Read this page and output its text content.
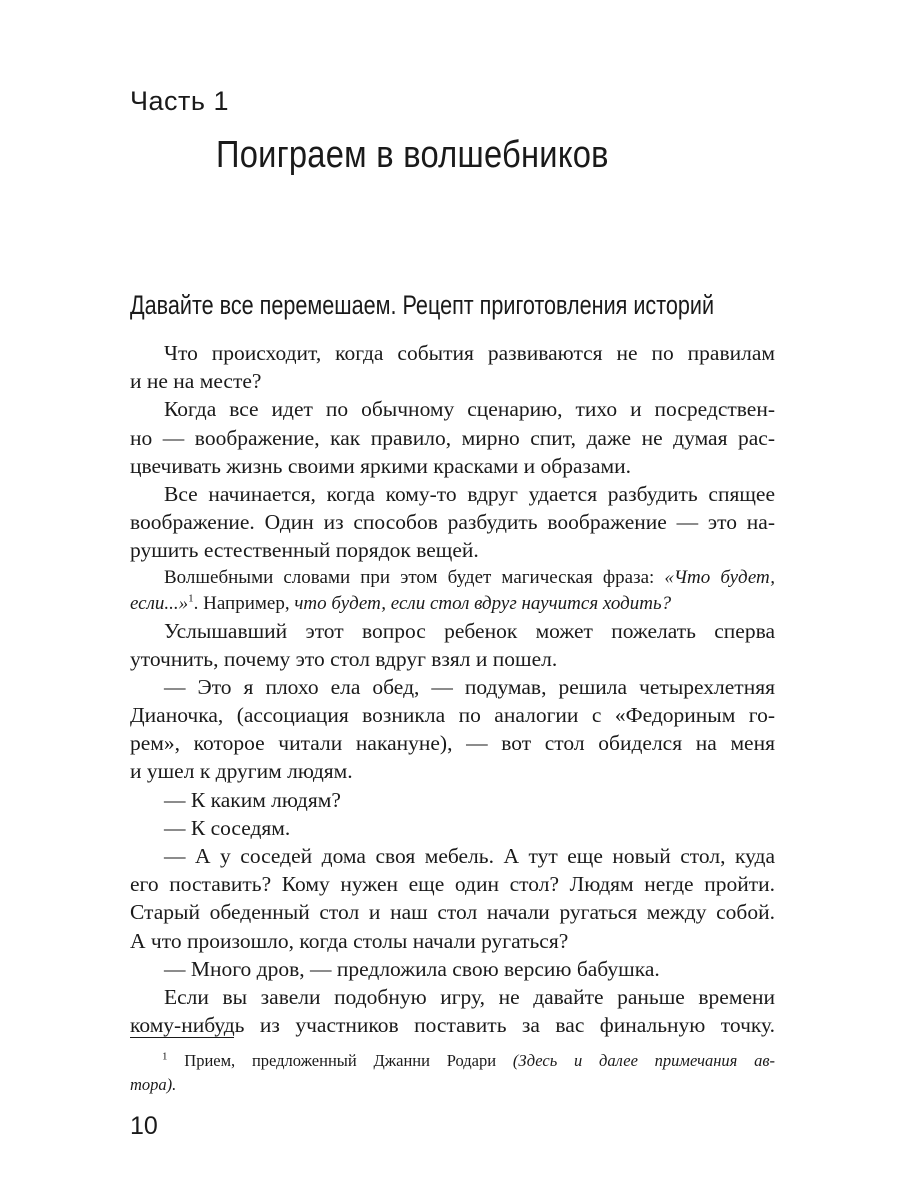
Часть 1
Поиграем в волшебников
Давайте все перемешаем. Рецепт приготовления историй
Что происходит, когда события развиваются не по правилам
и не на месте?
Когда все идет по обычному сценарию, тихо и посредствен-
но — воображение, как правило, мирно спит, даже не думая рас-
цвечивать жизнь своими яркими красками и образами.
Все начинается, когда кому-то вдруг удается разбудить спящее
воображение. Один из способов разбудить воображение — это на-
рушить естественный порядок вещей.
Волшебными словами при этом будет магическая фраза: «Что будет,
если...»$^1$. Например, что будет, если стол вдруг научится ходить?
Услышавший этот вопрос ребенок может пожелать сперва
уточнить, почему это стол вдруг взял и пошел.
— Это я плохо ела обед, — подумав, решила четырехлетняя
Дианочка, (ассоциация возникла по аналогии с «Федориным го-
рем», которое читали накануне), — вот стол обиделся на меня
и ушел к другим людям.
— К каким людям?
— К соседям.
— А у соседей дома своя мебель. А тут еще новый стол, куда
его поставить? Кому нужен еще один стол? Людям негде пройти.
Старый обеденный стол и наш стол начали ругаться между собой.
А что произошло, когда столы начали ругаться?
— Много дров, — предложила свою версию бабушка.
Если вы завели подобную игру, не давайте раньше времени
кому-нибудь из участников поставить за вас финальную точку.
$^1$ Прием, предложенный Джанни Родари (Здесь и далее примечания ав-
тора).
10
